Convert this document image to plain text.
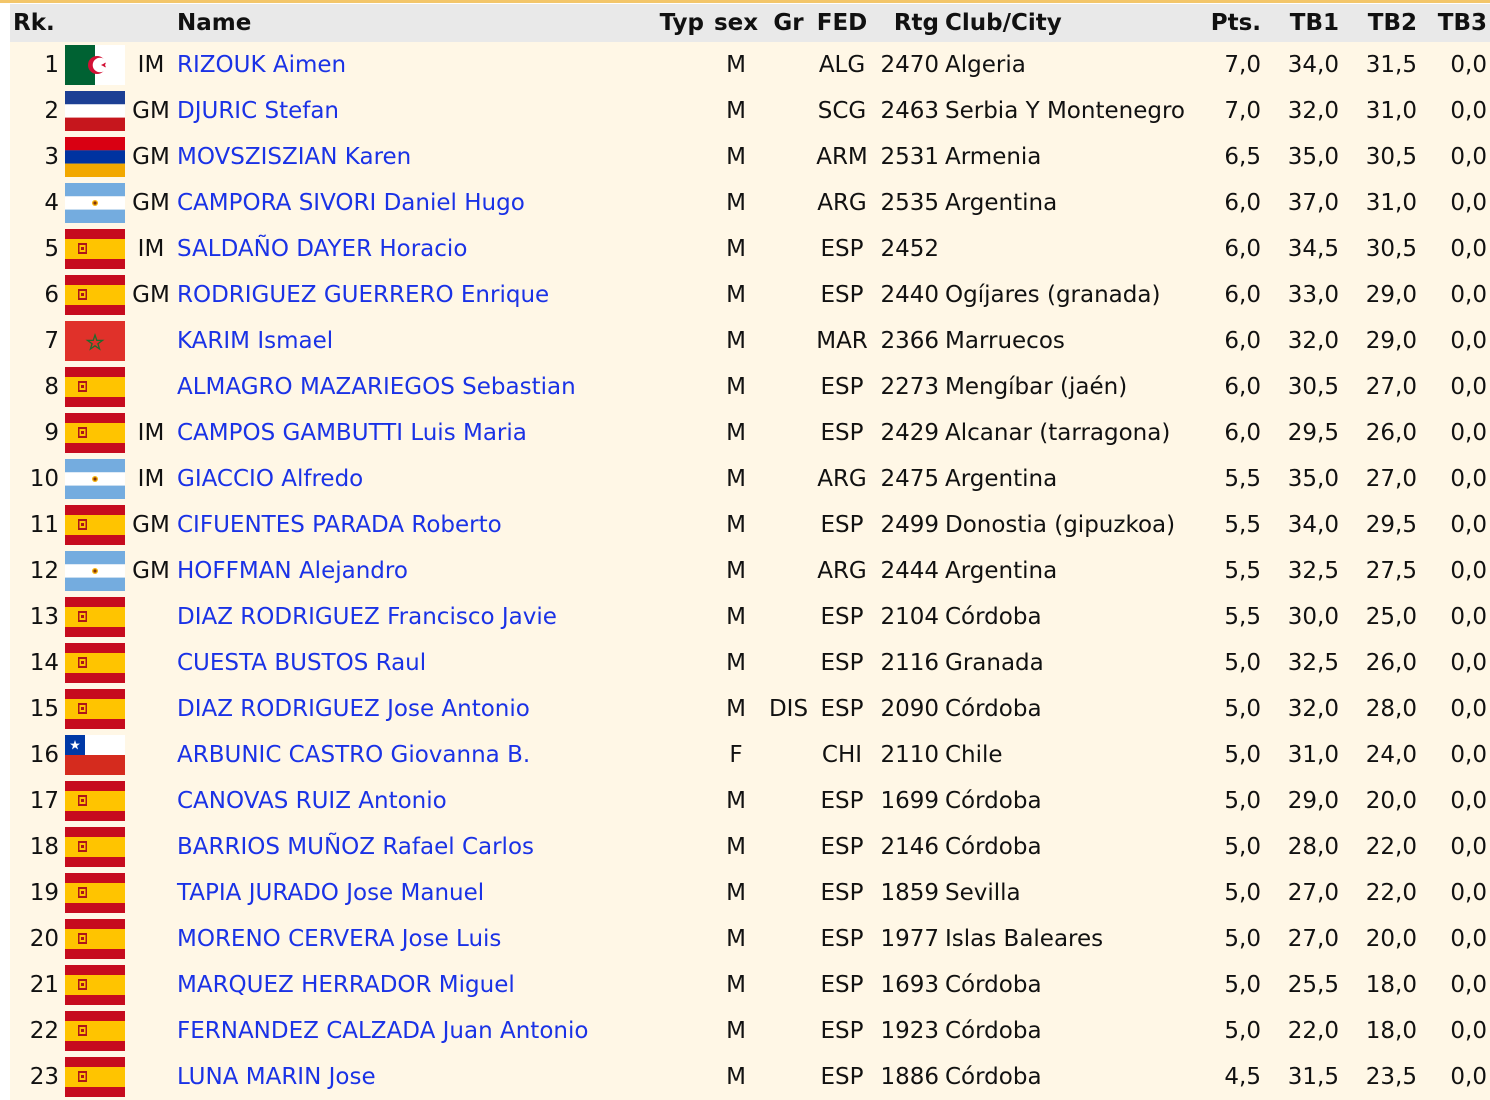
Rk.			Name	Typ	sex	Gr	FED	Rtg	Club/City	Pts.	TB1	TB2	TB3
1		IM	RIZOUK Aimen		M		ALG	2470	Algeria	7,0	34,0	31,5	0,0
2		GM	DJURIC Stefan		M		SCG	2463	Serbia Y Montenegro	7,0	32,0	31,0	0,0
3		GM	MOVSZISZIAN Karen		M		ARM	2531	Armenia	6,5	35,0	30,5	0,0
4		GM	CAMPORA SIVORI Daniel Hugo		M		ARG	2535	Argentina	6,0	37,0	31,0	0,0
5		IM	SALDAÑO DAYER Horacio		M		ESP	2452		6,0	34,5	30,5	0,0
6		GM	RODRIGUEZ GUERRERO Enrique		M		ESP	2440	Ogíjares (granada)	6,0	33,0	29,0	0,0
7			KARIM Ismael		M		MAR	2366	Marruecos	6,0	32,0	29,0	0,0
8			ALMAGRO MAZARIEGOS Sebastian		M		ESP	2273	Mengíbar (jaén)	6,0	30,5	27,0	0,0
9		IM	CAMPOS GAMBUTTI Luis Maria		M		ESP	2429	Alcanar (tarragona)	6,0	29,5	26,0	0,0
10		IM	GIACCIO Alfredo		M		ARG	2475	Argentina	5,5	35,0	27,0	0,0
11		GM	CIFUENTES PARADA Roberto		M		ESP	2499	Donostia (gipuzkoa)	5,5	34,0	29,5	0,0
12		GM	HOFFMAN Alejandro		M		ARG	2444	Argentina	5,5	32,5	27,5	0,0
13			DIAZ RODRIGUEZ Francisco Javie		M		ESP	2104	Córdoba	5,5	30,0	25,0	0,0
14			CUESTA BUSTOS Raul		M		ESP	2116	Granada	5,0	32,5	26,0	0,0
15			DIAZ RODRIGUEZ Jose Antonio		M	DIS	ESP	2090	Córdoba	5,0	32,0	28,0	0,0
16			ARBUNIC CASTRO Giovanna B.		F		CHI	2110	Chile	5,0	31,0	24,0	0,0
17			CANOVAS RUIZ Antonio		M		ESP	1699	Córdoba	5,0	29,0	20,0	0,0
18			BARRIOS MUÑOZ Rafael Carlos		M		ESP	2146	Córdoba	5,0	28,0	22,0	0,0
19			TAPIA JURADO Jose Manuel		M		ESP	1859	Sevilla	5,0	27,0	22,0	0,0
20			MORENO CERVERA Jose Luis		M		ESP	1977	Islas Baleares	5,0	27,0	20,0	0,0
21			MARQUEZ HERRADOR Miguel		M		ESP	1693	Córdoba	5,0	25,5	18,0	0,0
22			FERNANDEZ CALZADA Juan Antonio		M		ESP	1923	Córdoba	5,0	22,0	18,0	0,0
23			LUNA MARIN Jose		M		ESP	1886	Córdoba	4,5	31,5	23,5	0,0
